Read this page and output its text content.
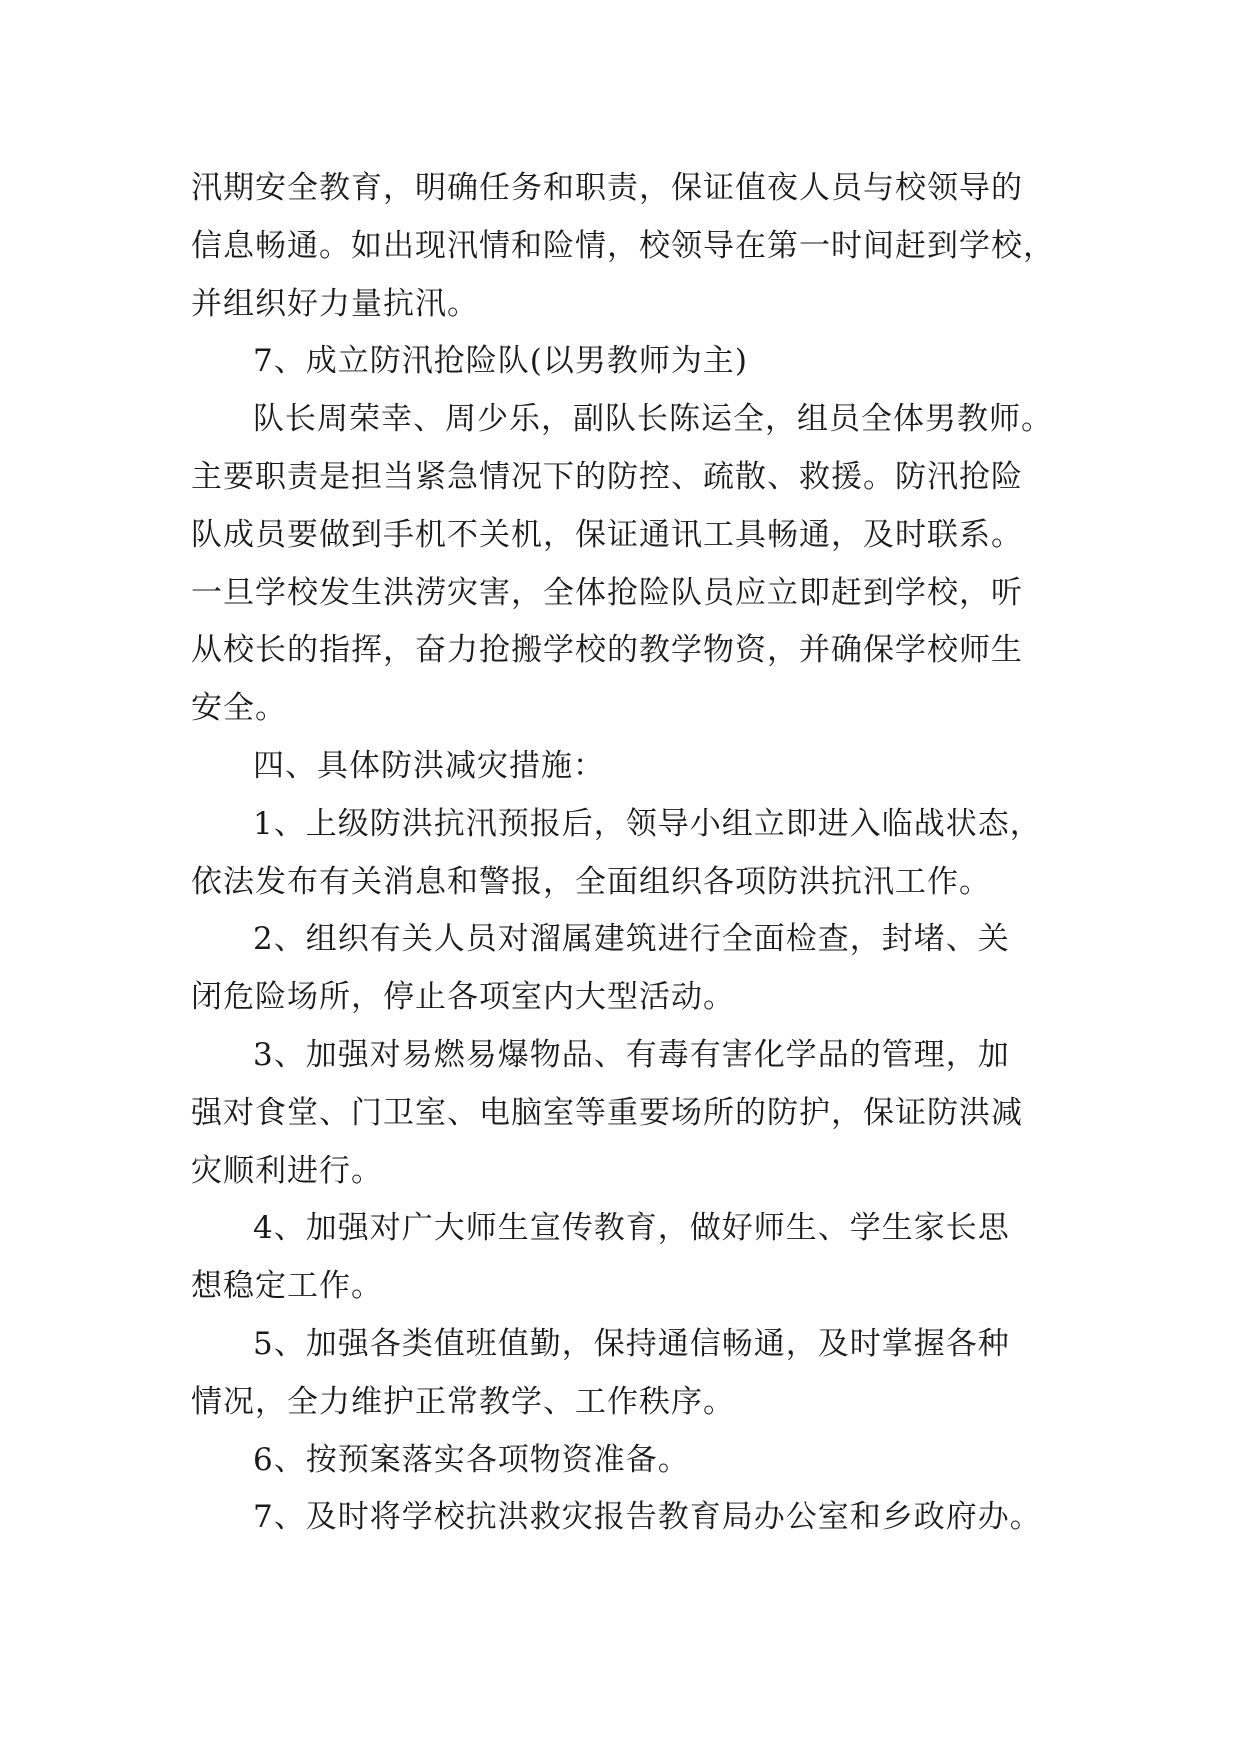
汛期安全教育，明确任务和职责，保证值夜人员与校领导的
信息畅通。如出现汛情和险情，校领导在第一时间赶到学校，
并组织好力量抗汛。
7、成立防汛抢险队(以男教师为主)
队长周荣幸、周少乐，副队长陈运全，组员全体男教师。
主要职责是担当紧急情况下的防控、疏散、救援。防汛抢险
队成员要做到手机不关机，保证通讯工具畅通，及时联系。
一旦学校发生洪涝灾害，全体抢险队员应立即赶到学校，听
从校长的指挥，奋力抢搬学校的教学物资，并确保学校师生
安全。
四、具体防洪减灾措施：
1、上级防洪抗汛预报后，领导小组立即进入临战状态，
依法发布有关消息和警报，全面组织各项防洪抗汛工作。
2、组织有关人员对溜属建筑进行全面检查，封堵、关
闭危险场所，停止各项室内大型活动。
3、加强对易燃易爆物品、有毒有害化学品的管理，加
强对食堂、门卫室、电脑室等重要场所的防护，保证防洪减
灾顺利进行。
4、加强对广大师生宣传教育，做好师生、学生家长思
想稳定工作。
5、加强各类值班值勤，保持通信畅通，及时掌握各种
情况，全力维护正常教学、工作秩序。
6、按预案落实各项物资准备。
7、及时将学校抗洪救灾报告教育局办公室和乡政府办。
